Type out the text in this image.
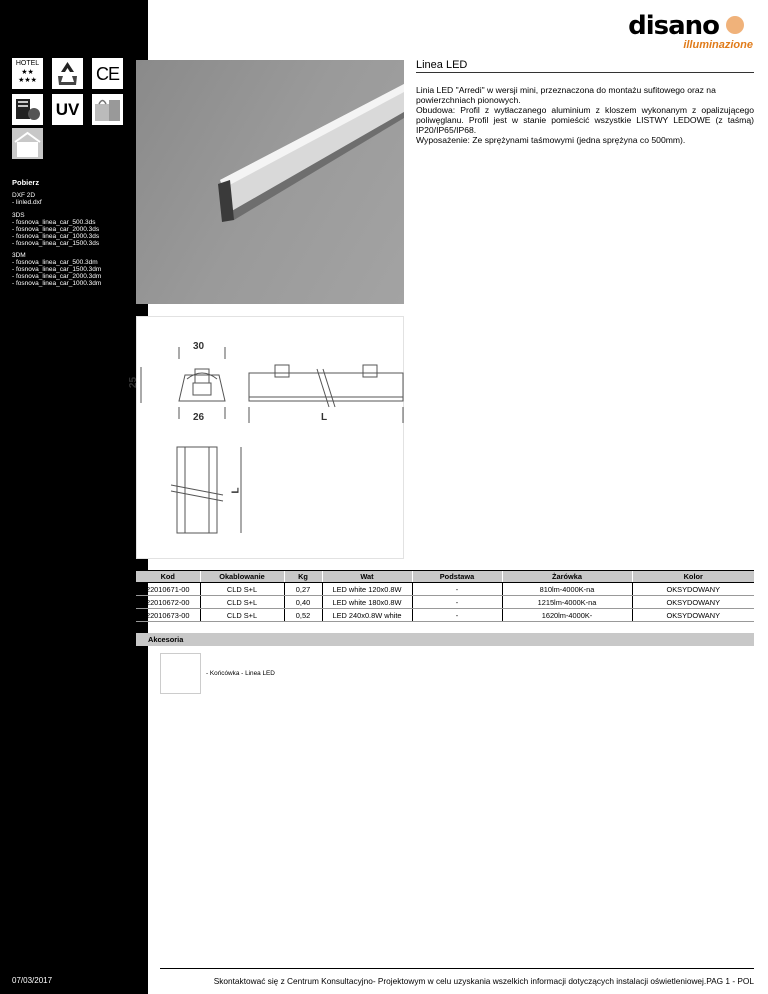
HOTEL
★★ ★★★	CE
UV
Pobierz
DXF 2D
- linled.dxf
3DS
- fosnova_linea_car_500.3ds
- fosnova_linea_car_2000.3ds
- fosnova_linea_car_1000.3ds
- fosnova_linea_car_1500.3ds
3DM
- fosnova_linea_car_500.3dm
- fosnova_linea_car_1500.3dm
- fosnova_linea_car_2000.3dm
- fosnova_linea_car_1000.3dm
07/03/2017
disano
illuminazione
Linea LED

Linia LED "Arredi" w wersji mini, przeznaczona do montażu sufitowego oraz na powierzchniach pionowych.

Obudowa: Profil z wytłaczanego aluminium z kloszem wykonanym z opalizującego poliwęglanu. Profil jest w stanie pomieścić wszystkie LISTWY LEDOWE (z taśmą) IP20/IP65/IP68.

Wyposażenie: Ze sprężynami taśmowymi (jedna sprężyna co 500mm).

30
25
26	L
L
Kod	Okablowanie	Kg	Wat	Podstawa	Żarówka	Kolor
22010671-00	CLD S+L	0,27	LED white 120x0.8W	-	810lm-4000K-na	OKSYDOWANY
22010672-00	CLD S+L	0,40	LED white 180x0.8W	-	1215lm-4000K-na	OKSYDOWANY
22010673-00	CLD S+L	0,52	LED 240x0.8W white	-	1620lm-4000K-	OKSYDOWANY
Akcesoria
- Końcówka - Linea LED
Skontaktować się z Centrum Konsultacyjno- Projektowym w celu uzyskania wszelkich informacji dotyczących instalacji oświetleniowej.PAG 1 - POL
